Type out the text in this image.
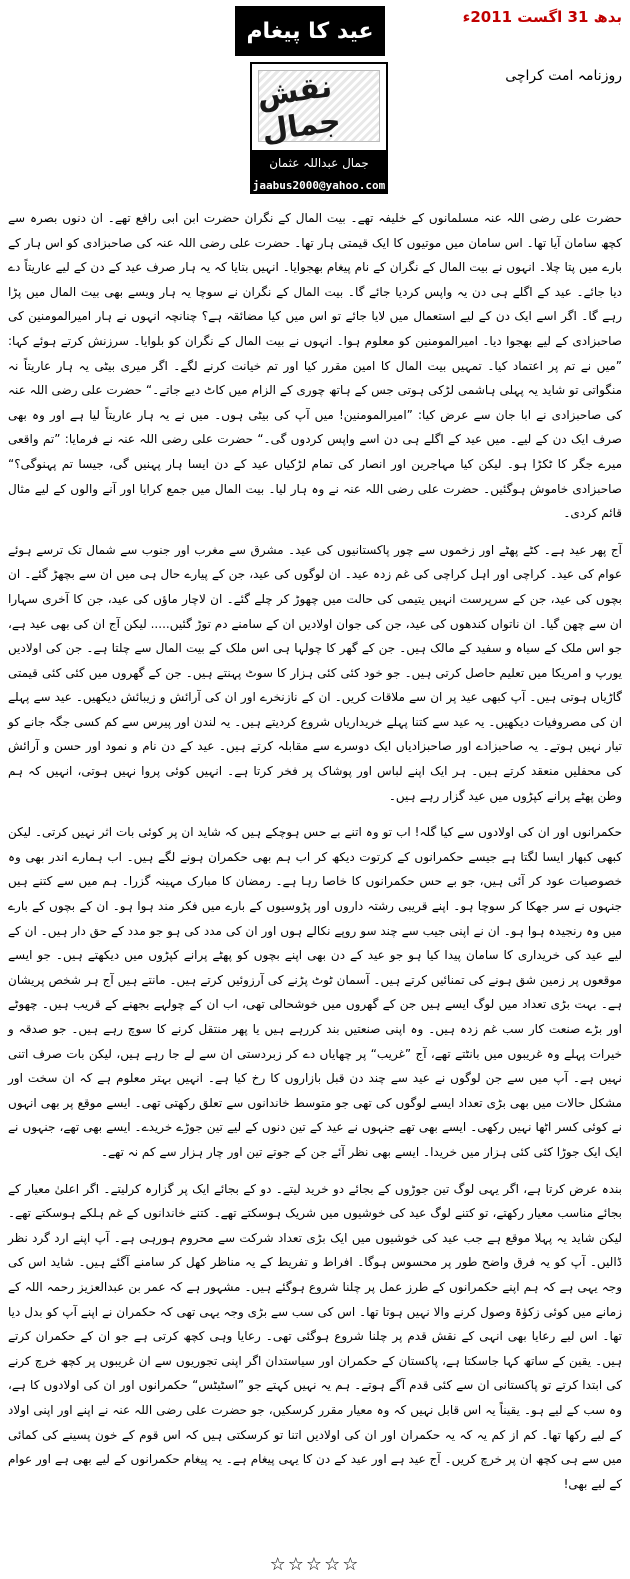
بدھ 31 اگست 2011ء
عید کا پیغام
روزنامہ امت کراچی
نقش جمال
جمال عبداللہ عثمان
jaabus2000@yahoo.com

حضرت علی رضی اللہ عنہ مسلمانوں کے خلیفہ تھے۔ بیت المال کے نگران حضرت ابن ابی رافع تھے۔ ان دنوں بصرہ سے کچھ سامان آیا تھا۔ اس سامان میں موتیوں کا ایک قیمتی ہار تھا۔ حضرت علی رضی اللہ عنہ کی صاحبزادی کو اس ہار کے بارے میں پتا چلا۔ انہوں نے بیت المال کے نگران کے نام پیغام بھجوایا۔ انہیں بتایا کہ یہ ہار صرف عید کے دن کے لیے عاریتاً دے دیا جائے۔ عید کے اگلے ہی دن یہ واپس کردیا جائے گا۔ بیت المال کے نگران نے سوچا یہ ہار ویسے بھی بیت المال میں پڑا رہے گا۔ اگر اسے ایک دن کے لیے استعمال میں لایا جائے تو اس میں کیا مضائقہ ہے؟ چنانچہ انہوں نے ہار امیرالمومنین کی صاحبزادی کے لیے بھجوا دیا۔ امیرالمومنین کو معلوم ہوا۔ انہوں نے بیت المال کے نگران کو بلوایا۔ سرزنش کرتے ہوئے کہا: ”میں نے تم پر اعتماد کیا۔ تمہیں بیت المال کا امین مقرر کیا اور تم خیانت کرنے لگے۔ اگر میری بیٹی یہ ہار عاریتاً نہ منگواتی تو شاید یہ پہلی ہاشمی لڑکی ہوتی جس کے ہاتھ چوری کے الزام میں کاٹ دیے جاتے۔“ حضرت علی رضی اللہ عنہ کی صاحبزادی نے ابا جان سے عرض کیا: ”امیرالمومنین! میں آپ کی بیٹی ہوں۔ میں نے یہ ہار عاریتاً لیا ہے اور وہ بھی صرف ایک دن کے لیے۔ میں عید کے اگلے ہی دن اسے واپس کردوں گی۔“ حضرت علی رضی اللہ عنہ نے فرمایا: ”تم واقعی میرے جگر کا ٹکڑا ہو۔ لیکن کیا مہاجرین اور انصار کی تمام لڑکیاں عید کے دن ایسا ہار پہنیں گی، جیسا تم پہنوگی؟“ صاحبزادی خاموش ہوگئیں۔ حضرت علی رضی اللہ عنہ نے وہ ہار لیا۔ بیت المال میں جمع کرایا اور آنے والوں کے لیے مثال قائم کردی۔

آج پھر عید ہے۔ کٹے پھٹے اور زخموں سے چور پاکستانیوں کی عید۔ مشرق سے مغرب اور جنوب سے شمال تک ترسے ہوئے عوام کی عید۔ کراچی اور اہل کراچی کی غم زدہ عید۔ ان لوگوں کی عید، جن کے پیارے حال ہی میں ان سے بچھڑ گئے۔ ان بچوں کی عید، جن کے سرپرست انہیں یتیمی کی حالت میں چھوڑ کر چلے گئے۔ ان لاچار ماؤں کی عید، جن کا آخری سہارا ان سے چھن گیا۔ ان ناتواں کندھوں کی عید، جن کی جوان اولادیں ان کے سامنے دم توڑ گئیں..... لیکن آج ان کی بھی عید ہے، جو اس ملک کے سیاہ و سفید کے مالک ہیں۔ جن کے گھر کا چولہا ہی اس ملک کے بیت المال سے چلتا ہے۔ جن کی اولادیں یورپ و امریکا میں تعلیم حاصل کرتی ہیں۔ جو خود کئی کئی ہزار کا سوٹ پہنتے ہیں۔ جن کے گھروں میں کئی کئی قیمتی گاڑیاں ہوتی ہیں۔ آپ کبھی عید پر ان سے ملاقات کریں۔ ان کے نازنخرے اور ان کی آرائش و زیبائش دیکھیں۔ عید سے پہلے ان کی مصروفیات دیکھیں۔ یہ عید سے کتنا پہلے خریداریاں شروع کردیتے ہیں۔ یہ لندن اور پیرس سے کم کسی جگہ جانے کو تیار نہیں ہوتے۔ یہ صاحبزادے اور صاحبزادیاں ایک دوسرے سے مقابلہ کرتے ہیں۔ عید کے دن نام و نمود اور حسن و آرائش کی محفلیں منعقد کرتے ہیں۔ ہر ایک اپنے لباس اور پوشاک پر فخر کرتا ہے۔ انہیں کوئی پروا نہیں ہوتی، انہیں کہ ہم وطن پھٹے پرانے کپڑوں میں عید گزار رہے ہیں۔

حکمرانوں اور ان کی اولادوں سے کیا گلہ! اب تو وہ اتنے بے حس ہوچکے ہیں کہ شاید ان پر کوئی بات اثر نہیں کرتی۔ لیکن کبھی کبھار ایسا لگتا ہے جیسے حکمرانوں کے کرتوت دیکھ کر اب ہم بھی حکمران ہونے لگے ہیں۔ اب ہمارے اندر بھی وہ خصوصیات عود کر آئی ہیں، جو بے حس حکمرانوں کا خاصا رہا ہے۔ رمضان کا مبارک مہینہ گزرا۔ ہم میں سے کتنے ہیں جنہوں نے سر جھکا کر سوچا ہو۔ اپنے قریبی رشتہ داروں اور پڑوسیوں کے بارے میں فکر مند ہوا ہو۔ ان کے بچوں کے بارے میں وہ رنجیدہ ہوا ہو۔ ان نے اپنی جیب سے چند سو روپے نکالے ہوں اور ان کی مدد کی ہو جو مدد کے حق دار ہیں۔ ان کے لیے عید کی خریداری کا سامان پیدا کیا ہو جو عید کے دن بھی اپنے بچوں کو پھٹے پرانے کپڑوں میں دیکھتے ہیں۔ جو ایسے موقعوں پر زمین شق ہونے کی تمنائیں کرتے ہیں۔ آسمان ٹوٹ پڑنے کی آرزوئیں کرتے ہیں۔ مانتے ہیں آج ہر شخص پریشان ہے۔ بہت بڑی تعداد میں لوگ ایسے ہیں جن کے گھروں میں خوشحالی تھی، اب ان کے چولہے بجھنے کے قریب ہیں۔ چھوٹے اور بڑے صنعت کار سب غم زدہ ہیں۔ وہ اپنی صنعتیں بند کررہے ہیں یا پھر منتقل کرنے کا سوچ رہے ہیں۔ جو صدقہ و خیرات پہلے وہ غریبوں میں بانٹتے تھے، آج ”غریب“ پر چھایاں دے کر زبردستی ان سے لے جا رہے ہیں، لیکن بات صرف اتنی نہیں ہے۔ آپ میں سے جن لوگوں نے عید سے چند دن قبل بازاروں کا رخ کیا ہے۔ انہیں بہتر معلوم ہے کہ ان سخت اور مشکل حالات میں بھی بڑی تعداد ایسے لوگوں کی تھی جو متوسط خاندانوں سے تعلق رکھتی تھی۔ ایسے موقع پر بھی انہوں نے کوئی کسر اٹھا نہیں رکھی۔ ایسے بھی تھے جنہوں نے عید کے تین دنوں کے لیے تین جوڑے خریدے۔ ایسے بھی تھے، جنہوں نے ایک ایک جوڑا کئی کئی ہزار میں خریدا۔ ایسے بھی نظر آئے جن کے جوتے تین اور چار ہزار سے کم نہ تھے۔

بندہ عرض کرتا ہے، اگر یہی لوگ تین جوڑوں کے بجائے دو خرید لیتے۔ دو کے بجائے ایک پر گزارہ کرلیتے۔ اگر اعلیٰ معیار کے بجائے مناسب معیار رکھتے، تو کتنے لوگ عید کی خوشیوں میں شریک ہوسکتے تھے۔ کتنے خاندانوں کے غم ہلکے ہوسکتے تھے۔ لیکن شاید یہ پہلا موقع ہے جب عید کی خوشیوں میں ایک بڑی تعداد شرکت سے محروم ہورہی ہے۔ آپ اپنے ارد گرد نظر ڈالیں۔ آپ کو یہ فرق واضح طور پر محسوس ہوگا۔ افراط و تفریط کے یہ مناظر کھل کر سامنے آگئے ہیں۔ شاید اس کی وجہ یہی ہے کہ ہم اپنے حکمرانوں کے طرز عمل پر چلنا شروع ہوگئے ہیں۔ مشہور ہے کہ عمر بن عبدالعزیز رحمہ اللہ کے زمانے میں کوئی زکوٰۃ وصول کرنے والا نہیں ہوتا تھا۔ اس کی سب سے بڑی وجہ یہی تھی کہ حکمران نے اپنے آپ کو بدل دیا تھا۔ اس لیے رعایا بھی انہی کے نقش قدم پر چلنا شروع ہوگئی تھی۔ رعایا وہی کچھ کرتی ہے جو ان کے حکمران کرتے ہیں۔ یقین کے ساتھ کہا جاسکتا ہے، پاکستان کے حکمران اور سیاستدان اگر اپنی تجوریوں سے ان غریبوں پر کچھ خرچ کرنے کی ابتدا کرتے تو پاکستانی ان سے کئی قدم آگے ہوتے۔ ہم یہ نہیں کہتے جو ”اسٹیٹس“ حکمرانوں اور ان کی اولادوں کا ہے، وہ سب کے لیے ہو۔ یقیناً یہ اس قابل نہیں کہ وہ معیار مقرر کرسکیں، جو حضرت علی رضی اللہ عنہ نے اپنے اور اپنی اولاد کے لیے رکھا تھا۔ کم از کم یہ کہ یہ حکمران اور ان کی اولادیں اتنا تو کرسکتی ہیں کہ اس قوم کے خون پسینے کی کمائی میں سے ہی کچھ ان پر خرچ کریں۔ آج عید ہے اور عید کے دن کا یہی پیغام ہے۔ یہ پیغام حکمرانوں کے لیے بھی ہے اور عوام کے لیے بھی!

☆☆☆☆☆
